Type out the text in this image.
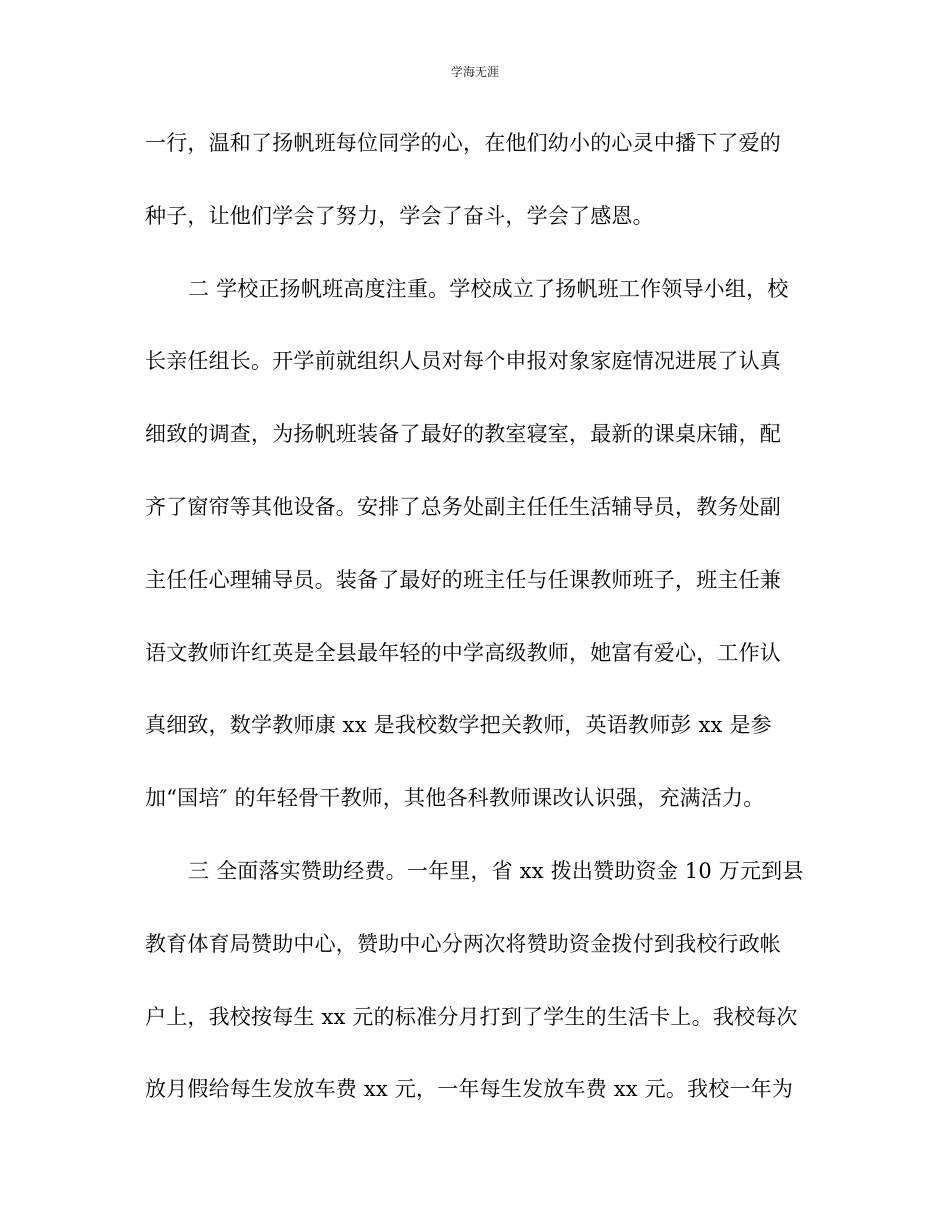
学海无涯
一行，温和了扬帆班每位同学的心，在他们幼小的心灵中播下了爱的
种子，让他们学会了努力，学会了奋斗，学会了感恩。
二 学校正扬帆班高度注重。学校成立了扬帆班工作领导小组，校
长亲任组长。开学前就组织人员对每个申报对象家庭情况进展了认真
细致的调查，为扬帆班装备了最好的教室寝室，最新的课桌床铺，配
齐了窗帘等其他设备。安排了总务处副主任任生活辅导员，教务处副
主任任心理辅导员。装备了最好的班主任与任课教师班子，班主任兼
语文教师许红英是全县最年轻的中学高级教师，她富有爱心，工作认
真细致，数学教师康 xx 是我校数学把关教师，英语教师彭 xx 是参
加“国培″ 的年轻骨干教师，其他各科教师课改认识强，充满活力。
三 全面落实赞助经费。一年里，省 xx 拨出赞助资金 10 万元到县
教育体育局赞助中心，赞助中心分两次将赞助资金拨付到我校行政帐
户上，我校按每生 xx 元的标准分月打到了学生的生活卡上。我校每次
放月假给每生发放车费 xx 元，一年每生发放车费 xx 元。我校一年为
